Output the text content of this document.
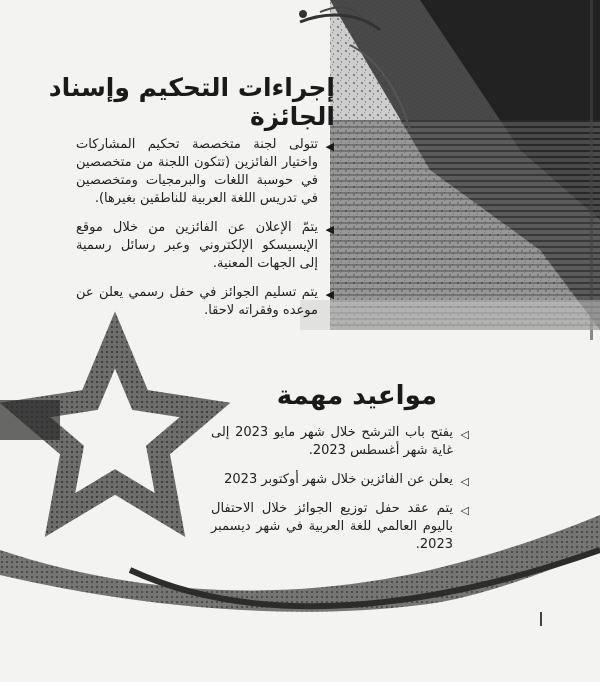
إجراءات التحكيم وإسناد الجائزة
◀
تتولى لجنة متخصصة تحكيم المشاركات واختيار الفائزين (تتكون اللجنة من متخصصين في حوسبة اللغات والبرمجيات ومتخصصين في تدريس اللغة العربية للناطقين بغيرها).
◀
يتمّ الإعلان عن الفائزين من خلال موقع الإيسيسكو الإلكتروني وعبر رسائل رسمية إلى الجهات المعنية.
◀
يتم تسليم الجوائز في حفل رسمي يعلن عن موعده وفقراته لاحقا.
مواعيد مهمة
◁
يفتح باب الترشح خلال شهر مايو 2023 إلى غاية شهر أغسطس 2023.
◁
يعلن عن الفائزين خلال شهر أوكتوبر 2023
◁
يتم عقد حفل توزيع الجوائز خلال الاحتفال باليوم العالمي للغة العربية في شهر ديسمبر 2023.
